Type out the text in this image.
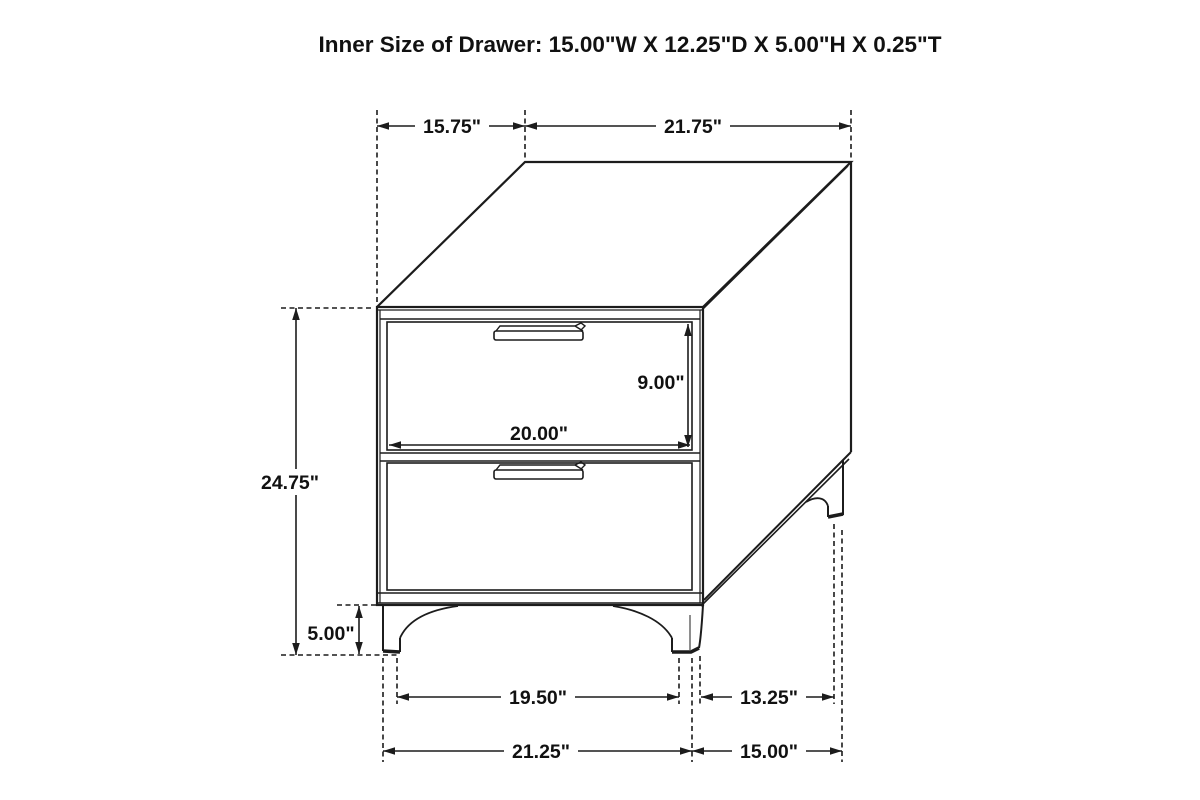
Inner Size of Drawer: 15.00"W X 12.25"D X 5.00"H X 0.25"T
15.75"	21.75"
24.75"
9.00"
20.00"
5.00"
19.50"	13.25"
21.25"	15.00"
